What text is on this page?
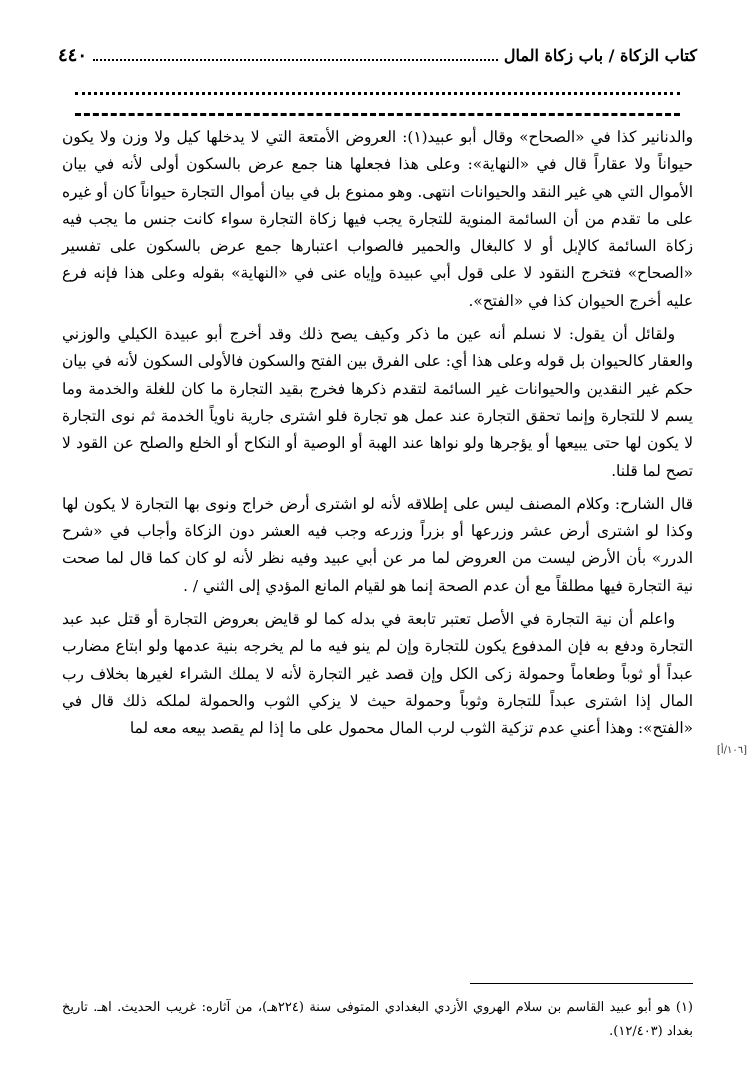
كتاب الزكاة / باب زكاة المال
٤٤٠

والدنانير كذا في «الصحاح» وقال أبو عبيد(١): العروض الأمتعة التي لا يدخلها كيل ولا وزن ولا يكون حيواناً ولا عقاراً قال في «النهاية»: وعلى هذا فجعلها هنا جمع عرض بالسكون أولى لأنه في بيان الأموال التي هي غير النقد والحيوانات انتهى. وهو ممنوع بل في بيان أموال التجارة حيواناً كان أو غيره على ما تقدم من أن السائمة المنوية للتجارة يجب فيها زكاة التجارة سواء كانت جنس ما يجب فيه زكاة السائمة كالإبل أو لا كالبغال والحمير فالصواب اعتبارها جمع عرض بالسكون على تفسير «الصحاح» فتخرج النقود لا على قول أبي عبيدة وإياه عنى في «النهاية» بقوله وعلى هذا فإنه فرع عليه أخرج الحيوان كذا في «الفتح».

ولقائل أن يقول: لا نسلم أنه عين ما ذكر وكيف يصح ذلك وقد أخرج أبو عبيدة الكيلي والوزني والعقار كالحيوان بل قوله وعلى هذا أي: على الفرق بين الفتح والسكون فالأولى السكون لأنه في بيان حكم غير النقدين والحيوانات غير السائمة لتقدم ذكرها فخرج بقيد التجارة ما كان للغلة والخدمة وما يسم لا للتجارة وإنما تحقق التجارة عند عمل هو تجارة فلو اشترى جارية ناوياً الخدمة ثم نوى التجارة لا يكون لها حتى يبيعها أو يؤجرها ولو نواها عند الهبة أو الوصية أو النكاح أو الخلع والصلح عن القود لا تصح لما قلنا.

قال الشارح: وكلام المصنف ليس على إطلاقه لأنه لو اشترى أرض خراج ونوى بها التجارة لا يكون لها وكذا لو اشترى أرض عشر وزرعها أو بزراً وزرعه وجب فيه العشر دون الزكاة وأجاب في «شرح الدرر» بأن الأرض ليست من العروض لما مر عن أبي عبيد وفيه نظر لأنه لو كان كما قال لما صحت نية التجارة فيها مطلقاً مع أن عدم الصحة إنما هو لقيام المانع المؤدي إلى الثني / .

واعلم أن نية التجارة في الأصل تعتبر تابعة في بدله كما لو قايض بعروض التجارة أو قتل عبد عبد التجارة ودفع به فإن المدفوع يكون للتجارة وإن لم ينو فيه ما لم يخرجه بنية عدمها ولو ابتاع مضارب عبداً أو ثوباً وطعاماً وحمولة زكى الكل وإن قصد غير التجارة لأنه لا يملك الشراء لغيرها بخلاف رب المال إذا اشترى عبداً للتجارة وثوباً وحمولة حيث لا يزكي الثوب والحمولة لملكه ذلك قال في «الفتح»: وهذا أعني عدم تزكية الثوب لرب المال محمول على ما إذا لم يقصد بيعه معه لما

[١٠٦/أ]
(١) هو أبو عبيد القاسم بن سلام الهروي الأزدي البغدادي المتوفى سنة (٢٢٤هـ)، من آثاره: غريب الحديث. اهـ. تاريخ بغداد (١٢/٤٠٣).
